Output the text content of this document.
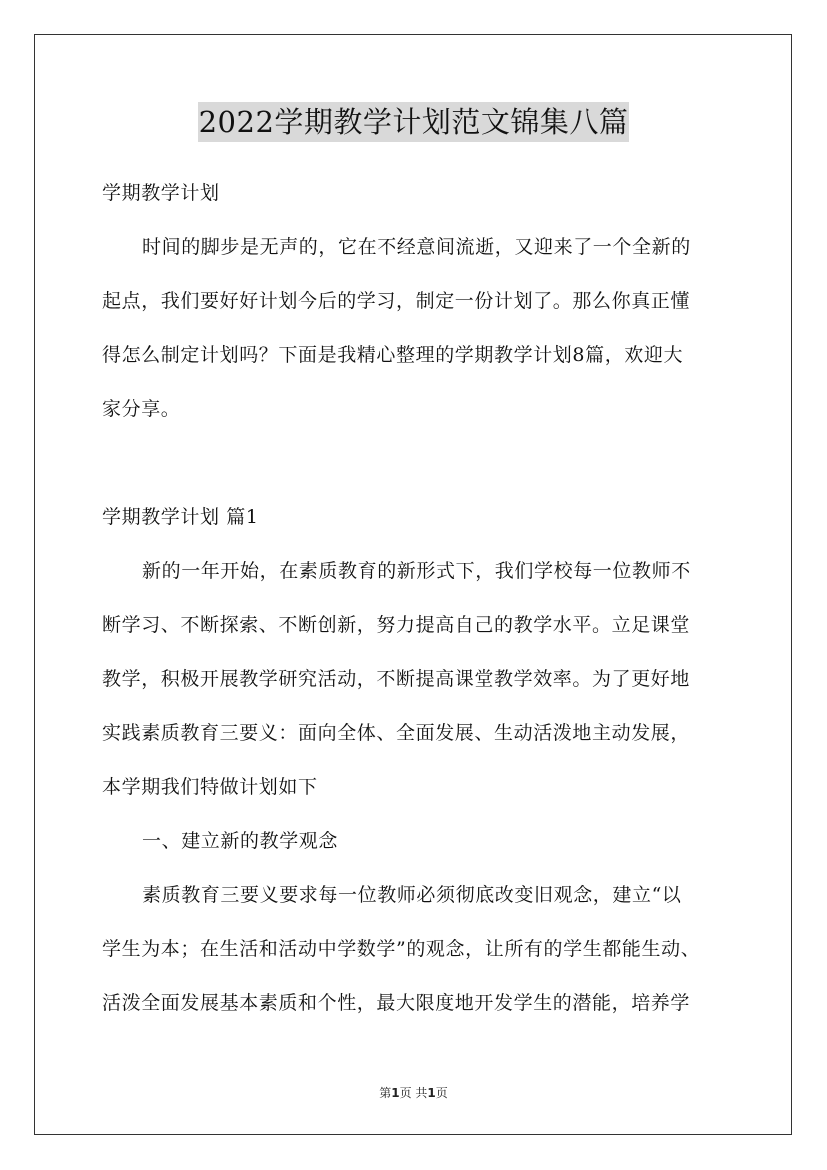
2022学期教学计划范文锦集八篇
学期教学计划
时间的脚步是无声的，它在不经意间流逝，又迎来了一个全新的
起点，我们要好好计划今后的学习，制定一份计划了。那么你真正懂
得怎么制定计划吗？下面是我精心整理的学期教学计划8篇，欢迎大
家分享。
学期教学计划 篇1
新的一年开始，在素质教育的新形式下，我们学校每一位教师不
断学习、不断探索、不断创新，努力提高自己的教学水平。立足课堂
教学，积极开展教学研究活动，不断提高课堂教学效率。为了更好地
实践素质教育三要义：面向全体、全面发展、生动活泼地主动发展，
本学期我们特做计划如下
一、建立新的教学观念
素质教育三要义要求每一位教师必须彻底改变旧观念，建立“以
学生为本；在生活和活动中学数学”的观念，让所有的学生都能生动、
活泼全面发展基本素质和个性，最大限度地开发学生的潜能，培养学
第1页 共1页
